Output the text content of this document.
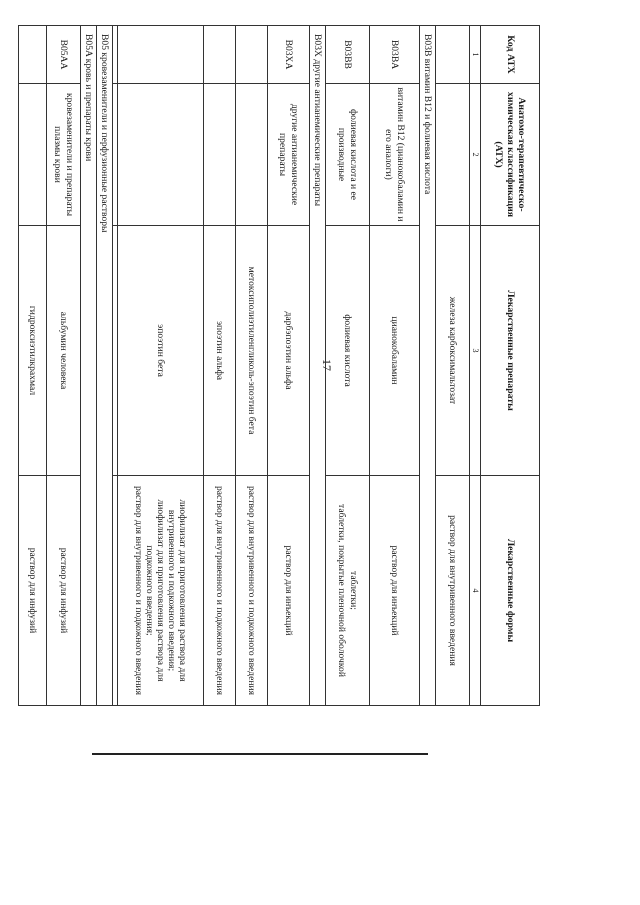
17
Код АТХ	Анатомо-терапевтическо-химическая классификация (АТХ)	Лекарственные препараты	Лекарственные формы
1	2	3	4
		железа карбоксимальтозат	раствор для внутривенного введения
B03B витамин B12 и фолиевая кислота			
B03BA	витамин B12 (цианокобаламин и его аналоги)	цианокобаламин	раствор для инъекций
B03BB	фолиевая кислота и ее производные	фолиевая кислота	таблетки;
таблетки, покрытые пленочной оболочкой

B03X другие антианемические препараты			
B03XA	другие антианемические препараты	дарбэпоэтин альфа	раствор для инъекций
		метоксиполиэтиленгликоль-эпоэтин бета	раствор для внутривенного и подкожного введения
		эпоэтин альфа	раствор для внутривенного и подкожного введения
		эпоэтин бета	лиофилизат для приготовления раствора для внутривенного и подкожного введения;
лиофилизат для приготовления раствора для подкожного введения;
раствор для внутривенного и подкожного введения

B05 кровезаменители и перфузионные растворы			
B05A кровь и препараты крови			
B05AA	кровезаменители и препараты плазмы крови	альбумин человека	раствор для инфузий
		гидроксиэтилкрахмал	раствор для инфузий
